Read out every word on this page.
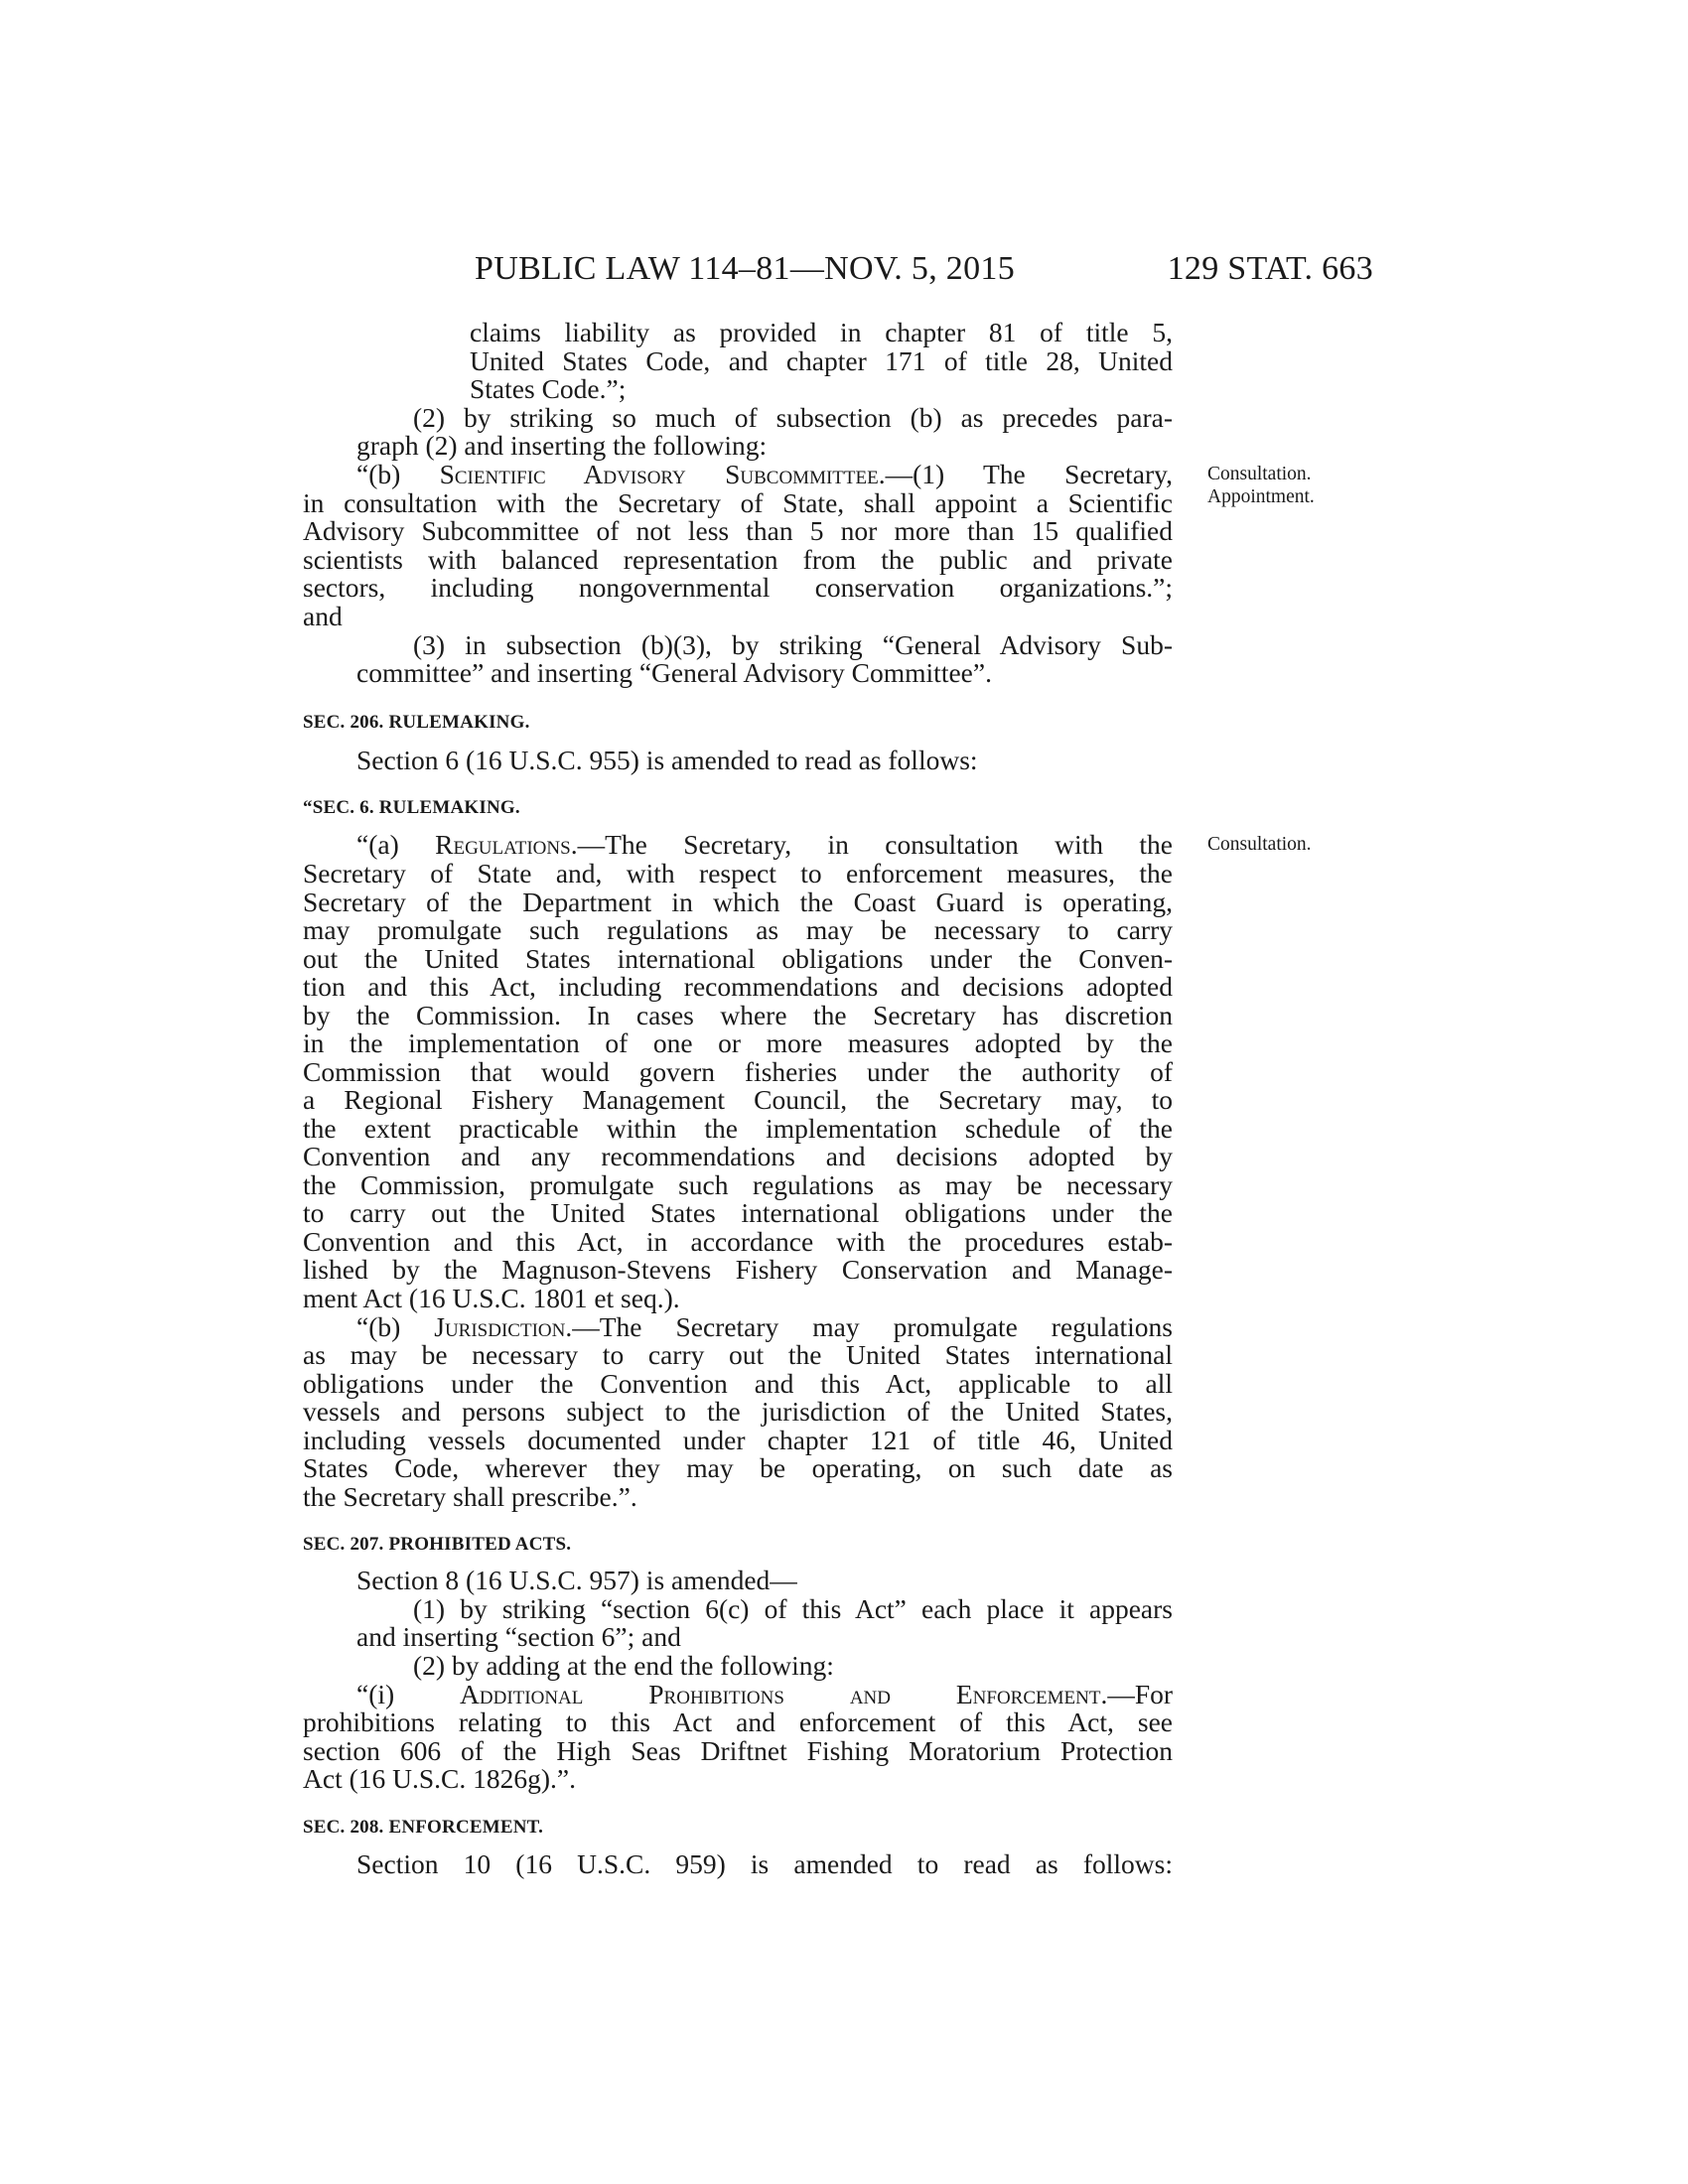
PUBLIC LAW 114–81—NOV. 5, 2015	129 STAT. 663
claims liability as provided in chapter 81 of title 5,
United States Code, and chapter 171 of title 28, United
States Code.”;
(2) by striking so much of subsection (b) as precedes para-
graph (2) and inserting the following:
“(b) Scientific Advisory Subcommittee.—(1) The Secretary,
in consultation with the Secretary of State, shall appoint a Scientific
Advisory Subcommittee of not less than 5 nor more than 15 qualified
scientists with balanced representation from the public and private
sectors, including nongovernmental conservation organizations.”;
and
(3) in subsection (b)(3), by striking “General Advisory Sub-
committee” and inserting “General Advisory Committee”.
Consultation.
Appointment.
Consultation.
SEC. 206. RULEMAKING.
Section 6 (16 U.S.C. 955) is amended to read as follows:
“SEC. 6. RULEMAKING.
“(a) Regulations.—The Secretary, in consultation with the
Secretary of State and, with respect to enforcement measures, the
Secretary of the Department in which the Coast Guard is operating,
may promulgate such regulations as may be necessary to carry
out the United States international obligations under the Conven-
tion and this Act, including recommendations and decisions adopted
by the Commission. In cases where the Secretary has discretion
in the implementation of one or more measures adopted by the
Commission that would govern fisheries under the authority of
a Regional Fishery Management Council, the Secretary may, to
the extent practicable within the implementation schedule of the
Convention and any recommendations and decisions adopted by
the Commission, promulgate such regulations as may be necessary
to carry out the United States international obligations under the
Convention and this Act, in accordance with the procedures estab-
lished by the Magnuson-Stevens Fishery Conservation and Manage-
ment Act (16 U.S.C. 1801 et seq.).
“(b) Jurisdiction.—The Secretary may promulgate regulations
as may be necessary to carry out the United States international
obligations under the Convention and this Act, applicable to all
vessels and persons subject to the jurisdiction of the United States,
including vessels documented under chapter 121 of title 46, United
States Code, wherever they may be operating, on such date as
the Secretary shall prescribe.”.
SEC. 207. PROHIBITED ACTS.
Section 8 (16 U.S.C. 957) is amended—
(1) by striking “section 6(c) of this Act” each place it appears
and inserting “section 6”; and
(2) by adding at the end the following:
“(i) Additional Prohibitions and Enforcement.—For
prohibitions relating to this Act and enforcement of this Act, see
section 606 of the High Seas Driftnet Fishing Moratorium Protection
Act (16 U.S.C. 1826g).”.
SEC. 208. ENFORCEMENT.
Section 10 (16 U.S.C. 959) is amended to read as follows:
